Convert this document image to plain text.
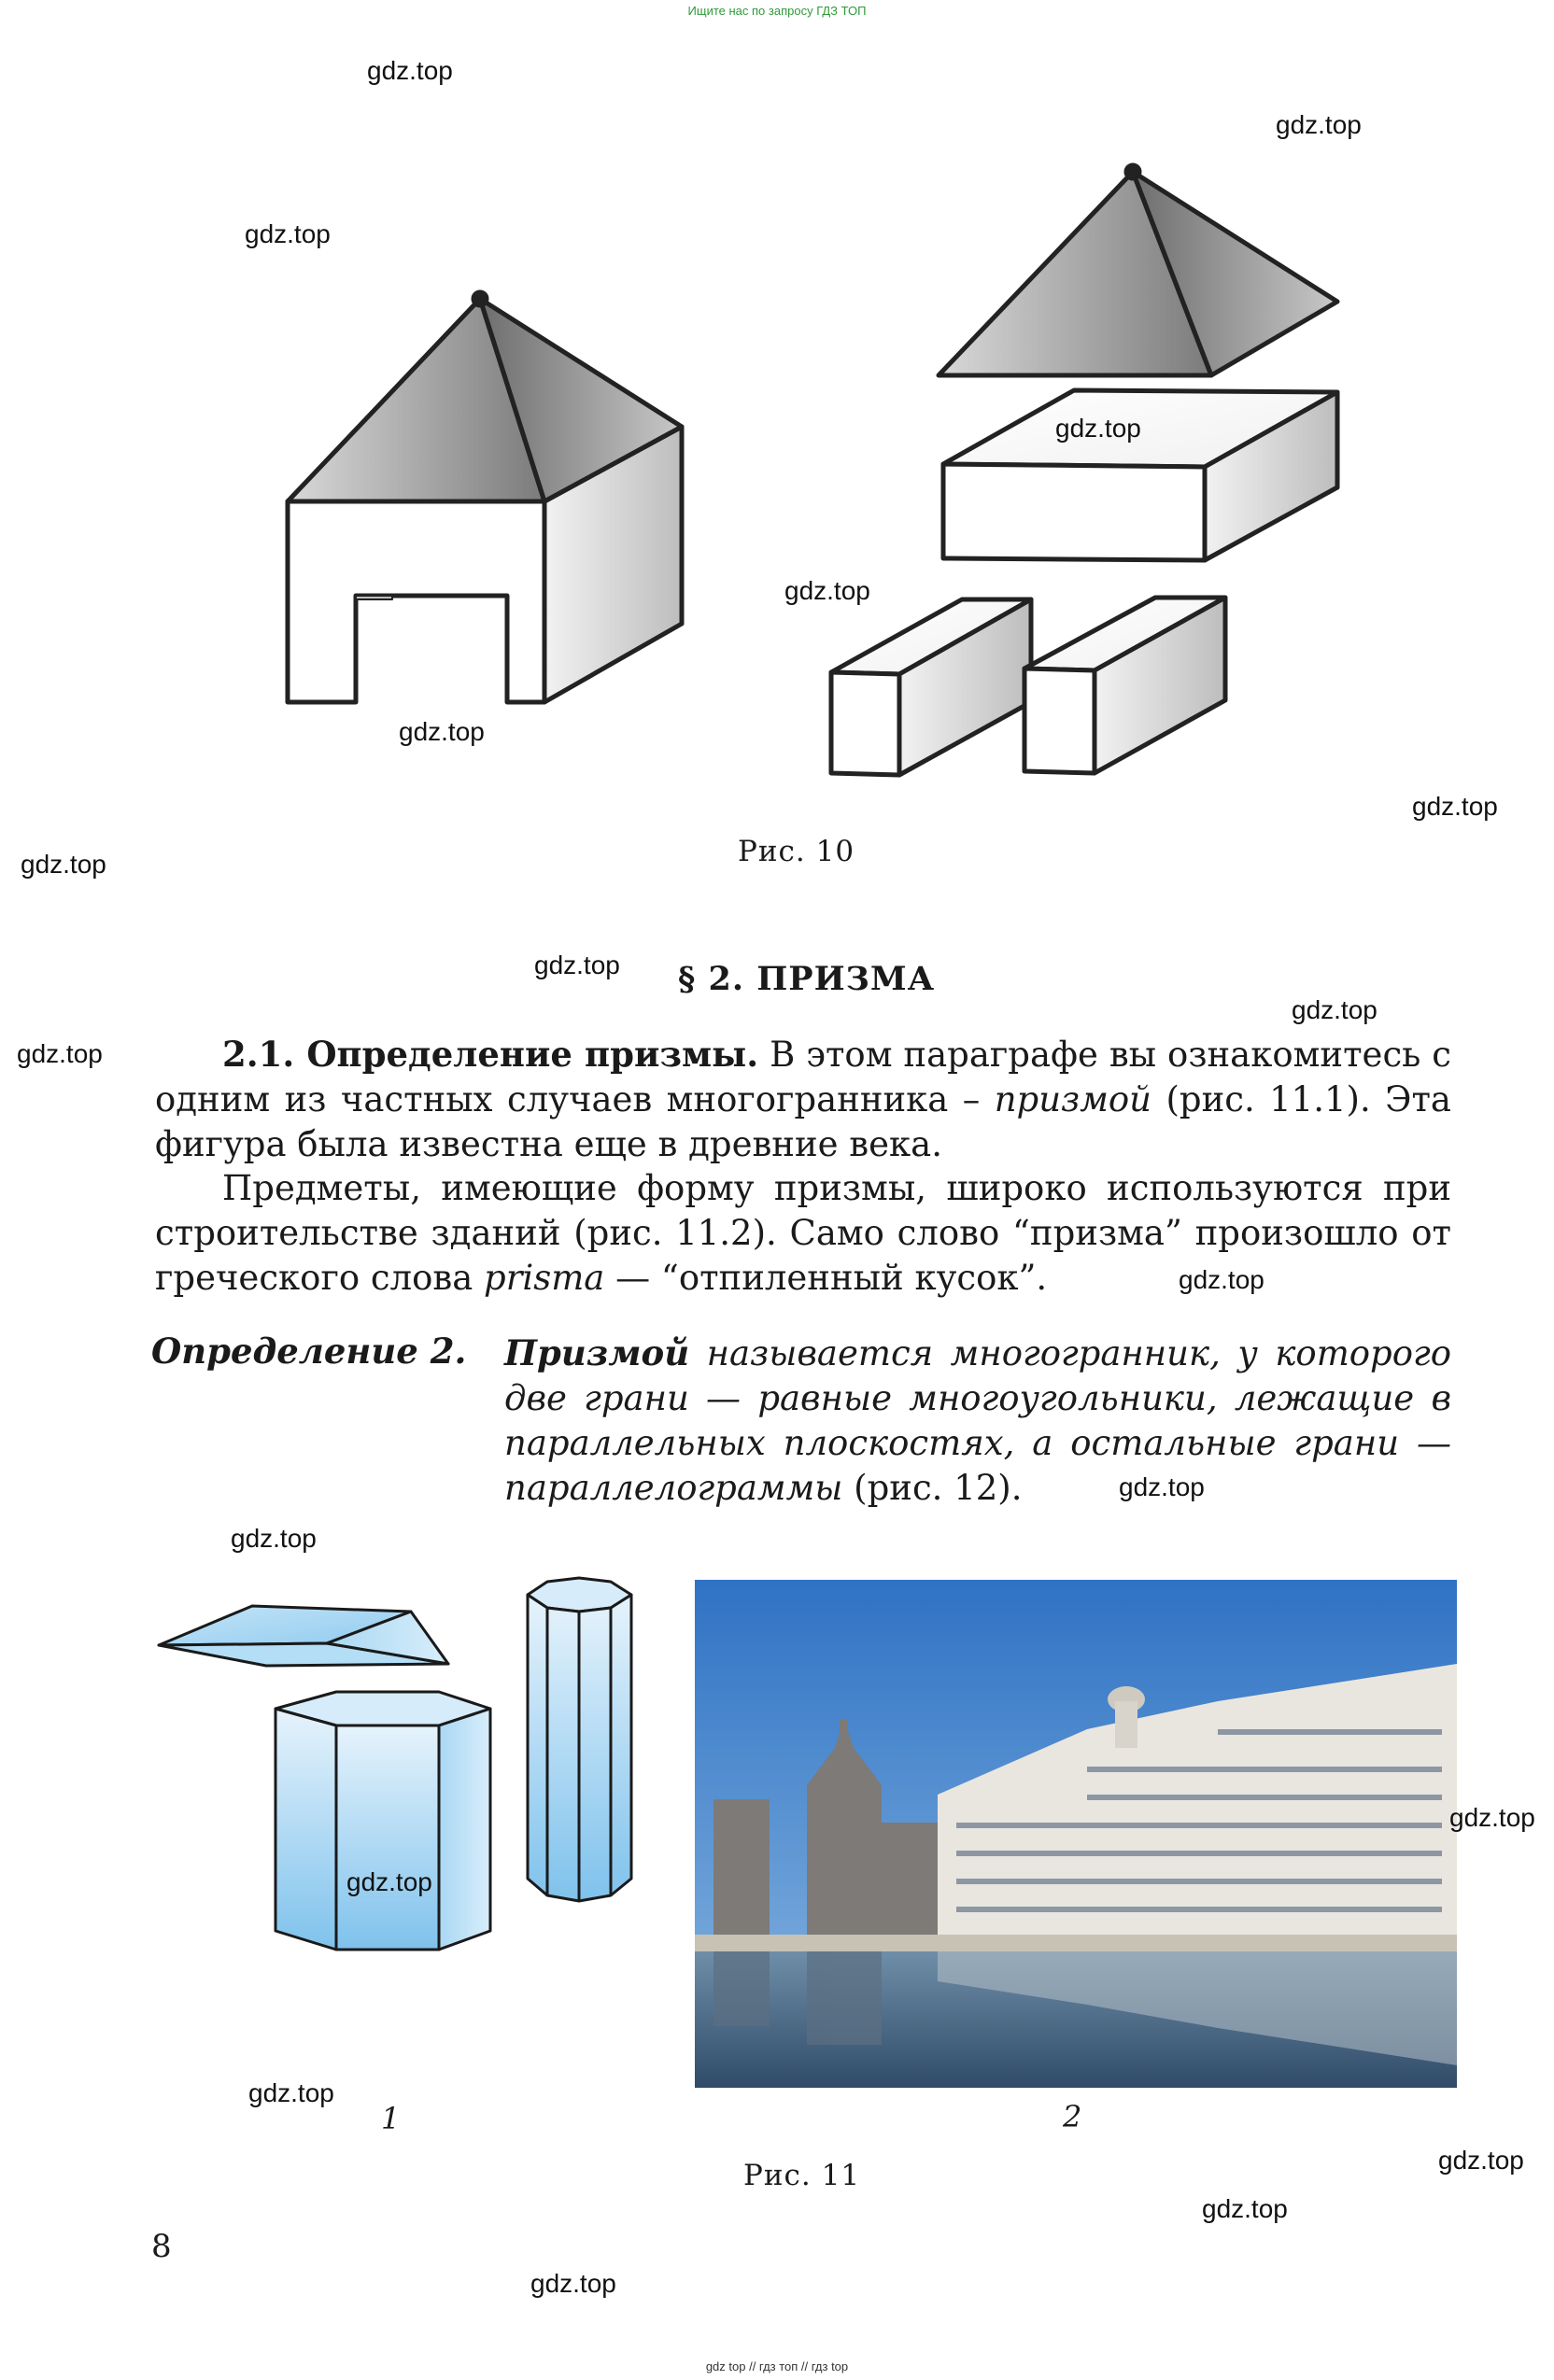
Ищите нас по запросу ГДЗ ТОП
Рис. 10
§ 2. ПРИЗМА
2.1. Определение призмы. В этом параграфе вы ознакомитесь с одним из частных случаев многогранника – призмой (рис. 11.1). Эта фигура была известна еще в древние века.
Предметы, имеющие форму призмы, широко используются при строительстве зданий (рис. 11.2). Само слово “призма” произошло от греческого слова prisma — “отпиленный кусок”.
Определение 2. Призмой называется многогранник, у которого две грани — равные многоугольники, лежащие в параллельных плоскостях, а остальные грани — параллелограммы (рис. 12).
1	2
Рис. 11
8
gdz.top
gdz.top
gdz.top
gdz.top
gdz.top
gdz.top
gdz.top
gdz.top
gdz.top
gdz.top
gdz.top
gdz.top
gdz.top
gdz.top
gdz.top
gdz.top
gdz.top
gdz.top
gdz.top
gdz.top
gdz top // гдз топ // гдз top
